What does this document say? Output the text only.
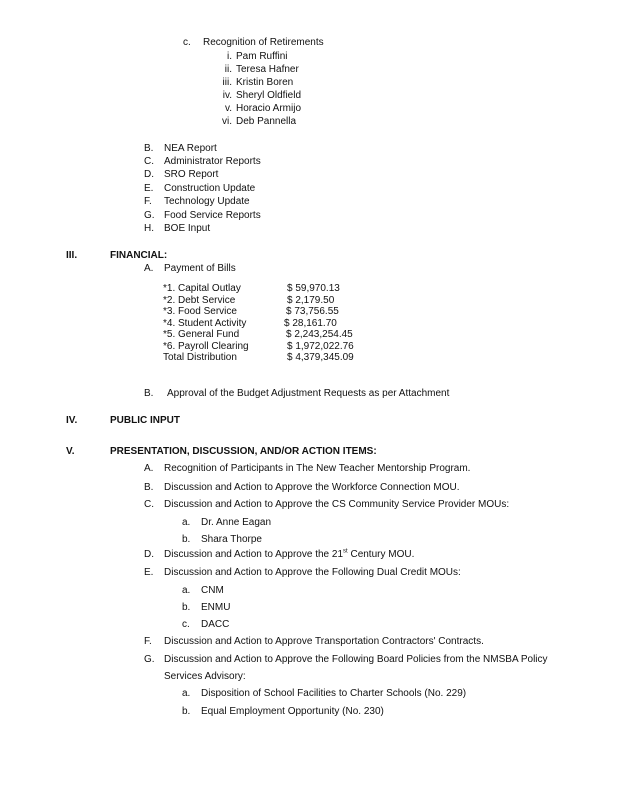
c. Recognition of Retirements
i. Pam Ruffini
ii. Teresa Hafner
iii. Kristin Boren
iv. Sheryl Oldfield
v. Horacio Armijo
vi. Deb Pannella
B. NEA Report
C. Administrator Reports
D. SRO Report
E. Construction Update
F. Technology Update
G. Food Service Reports
H. BOE Input
III.	FINANCIAL:
A. Payment of Bills
*1. Capital Outlay	$ 59,970.13
*2. Debt Service	$ 2,179.50
*3. Food Service	$ 73,756.55
*4. Student Activity	$ 28,161.70
*5. General Fund	$ 2,243,254.45
*6. Payroll Clearing	$ 1,972,022.76
Total Distribution	$ 4,379,345.09
B. Approval of the Budget Adjustment Requests as per Attachment
IV.	PUBLIC INPUT
V.	PRESENTATION, DISCUSSION, AND/OR ACTION ITEMS:
A. Recognition of Participants in The New Teacher Mentorship Program.
B. Discussion and Action to Approve the Workforce Connection MOU.
C. Discussion and Action to Approve the CS Community Service Provider MOUs:
a. Dr. Anne Eagan
b. Shara Thorpe
D. Discussion and Action to Approve the 21st Century MOU.
E. Discussion and Action to Approve the Following Dual Credit MOUs:
a. CNM
b. ENMU
c. DACC
F. Discussion and Action to Approve Transportation Contractors' Contracts.
G. Discussion and Action to Approve the Following Board Policies from the NMSBA Policy
Services Advisory:
a. Disposition of School Facilities to Charter Schools (No. 229)
b. Equal Employment Opportunity (No. 230)
